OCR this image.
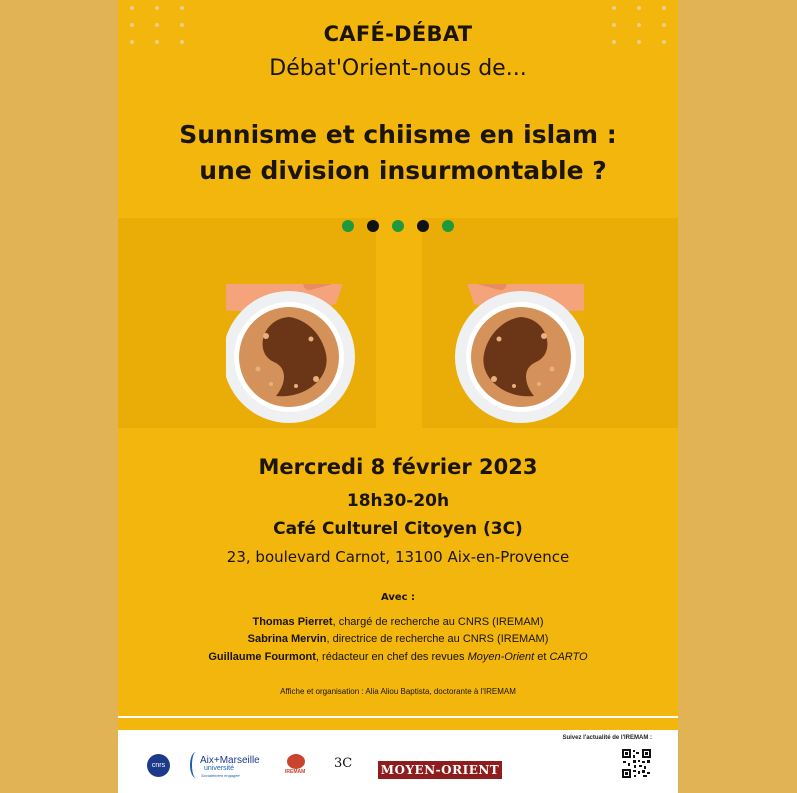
CAFÉ-DÉBAT
Débat'Orient-nous de...
Sunnisme et chiisme en islam :
une division insurmontable ?
Mercredi 8 février 2023
18h30-20h
Café Culturel Citoyen (3C)
23, boulevard Carnot, 13100 Aix-en-Provence
Avec :
Thomas Pierret, chargé de recherche au CNRS (IREMAM)
Sabrina Mervin, directrice de recherche au CNRS (IREMAM)
Guillaume Fourmont, rédacteur en chef des revues Moyen-Orient et CARTO
Affiche et organisation : Alia Aliou Baptista, doctorante à l'IREMAM
Suivez l'actualité de l'IREMAM :
cnrs	Aix+Marseille
université
Socialement engagée
IREMAM
3C MOYEN-ORIENT
